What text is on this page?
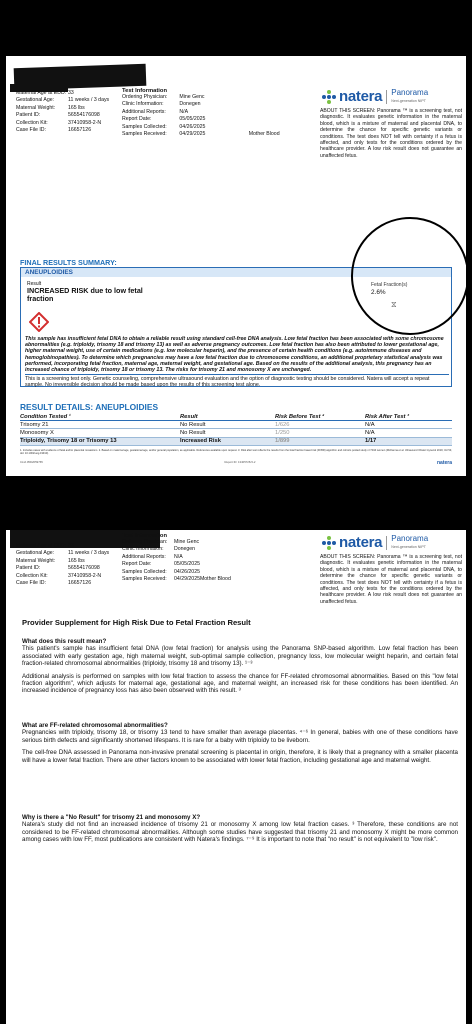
Maternal Age at EDD: 33
Gestational Age:	11 weeks / 3 days
Maternal Weight:	165 lbs
Patient ID:	56554176098
Collection Kit:	37410958-2-N
Case File ID:	16657126
Test Information
Ordering Physician:	Mine Genc
Clinic Information:	Donegen
Additional Reports:	N/A
Report Date:	05/05/2025
Samples Collected:	04/26/2025
Samples Received:	04/29/2025	Mother Blood
natera Panorama
Next-generation NIPT
ABOUT THIS SCREEN: Panorama ™ is a screening test, not diagnostic. It evaluates genetic information in the maternal blood, which is a mixture of maternal and placental DNA, to determine the chance for specific genetic variants or conditions. The test does NOT tell with certainty if a fetus is affected, and only tests for the conditions ordered by the healthcare provider. A low risk result does not guarantee an unaffected fetus.
FINAL RESULTS SUMMARY:
ANEUPLOIDIES
Result
INCREASED RISK due to low fetal fraction
Fetal Fraction(s)
2.6%
⧖
This sample has insufficient fetal DNA to obtain a reliable result using standard cell-free DNA analysis. Low fetal fraction has been associated with some chromosome abnormalities (e.g. triploidy, trisomy 18 and trisomy 13) as well as adverse pregnancy outcomes. Low fetal fraction has also been attributed to lower gestational age, higher maternal weight, use of certain medications (e.g. low molecular heparin), and the presence of certain health conditions (e.g. autoimmune diseases and hemoglobinopathies). To determine which pregnancies may have a low fetal fraction due to chromosome conditions, an additional proprietary statistical analysis was performed, incorporating fetal fraction, maternal age, maternal weight, and gestational age. Based on the results of the additional analysis, this pregnancy has an increased chance of triploidy, trisomy 18 or trisomy 13. The risks for trisomy 21 and monosomy X are unchanged.
This is a screening test only. Genetic counseling, comprehensive ultrasound evaluation and the option of diagnostic testing should be considered. Natera will accept a repeat sample. No irreversible decision should be made based upon the results of this screening test alone.
RESULT DETAILS: ANEUPLOIDIES
Condition Tested ¹	Result	Risk Before Test ²	Risk After Test ³
Trisomy 21	No Result	1/626	N/A
Monosomy X	No Result	1/250	N/A
Triploidy, Trisomy 18 or Trisomy 13	Increased Risk	1/899	1/17
1. Includes cases with evidence of fetal and/or placental mosaicism. 2. Based on maternal age, gestational age, and/or general population, as applicable. References available upon request. 3. Risk after test reflects the results from the fetal fraction based risk (FFBR) algorithm and cohorts pooled study n=7344 women (McKanna et al. Ultrasound Obstet Gynecol 2019; Vol 54; doi: 10.1002/uog.19913).
CLIA 05D2059765	Report ID: 13405728-5-2	natera
Maternal Age at EDD: 33
Gestational Age:	11 weeks / 3 days
Maternal Weight:	165 lbs
Patient ID:	56554176098
Collection Kit:	37410958-2-N
Case File ID:	16657126
Test Information
Ordering Physician:	Mine Genc
Clinic Information:	Donegen
Additional Reports:	N/A
Report Date:	05/05/2025
Samples Collected:	04/26/2025
Samples Received:	04/29/2025 Mother Blood
natera Panorama
Next-generation NIPT
ABOUT THIS SCREEN: Panorama ™ is a screening test, not diagnostic. It evaluates genetic information in the maternal blood, which is a mixture of maternal and placental DNA, to determine the chance for specific genetic variants or conditions. The test does NOT tell with certainty if a fetus is affected, and only tests for the conditions ordered by the healthcare provider. A low risk result does not guarantee an unaffected fetus.
Provider Supplement for High Risk Due to Fetal Fraction Result
What does this result mean?
This patient's sample has insufficient fetal DNA (low fetal fraction) for analysis using the Panorama SNP-based algorithm. Low fetal fraction has been associated with early gestation age, high maternal weight, sub-optimal sample collection, pregnancy loss, low molecular weight heparin, and certain fetal fraction-related chromosomal abnormalities (triploidy, trisomy 18 and trisomy 13). ¹⁻³
Additional analysis is performed on samples with low fetal fraction to assess the chance for FF-related chromosomal abnormalities. Based on this "low fetal fraction algorithm", which adjusts for maternal age, gestational age, and maternal weight, an increased risk for these conditions has been identified. An increased incidence of pregnancy loss has also been observed with this result. ³
What are FF-related chromosomal abnormalities?
Pregnancies with triploidy, trisomy 18, or trisomy 13 tend to have smaller than average placentas. ⁴⁻⁶ In general, babies with one of these conditions have serious birth defects and significantly shortened lifespans. It is rare for a baby with triploidy to be liveborn.
The cell-free DNA assessed in Panorama non-invasive prenatal screening is placental in origin, therefore, it is likely that a pregnancy with a smaller placenta will have a lower fetal fraction. There are other factors known to be associated with lower fetal fraction, including gestational age and maternal weight.
Why is there a "No Result" for trisomy 21 and monosomy X?
Natera's study did not find an increased incidence of trisomy 21 or monosomy X among low fetal fraction cases. ³ Therefore, these conditions are not considered to be FF-related chromosomal abnormalities. Although some studies have suggested that trisomy 21 and monosomy X might be more common among cases with low FF, most publications are consistent with Natera's findings. ⁷⁻⁹ It is important to note that "no result" is not equivalent to "low risk".
